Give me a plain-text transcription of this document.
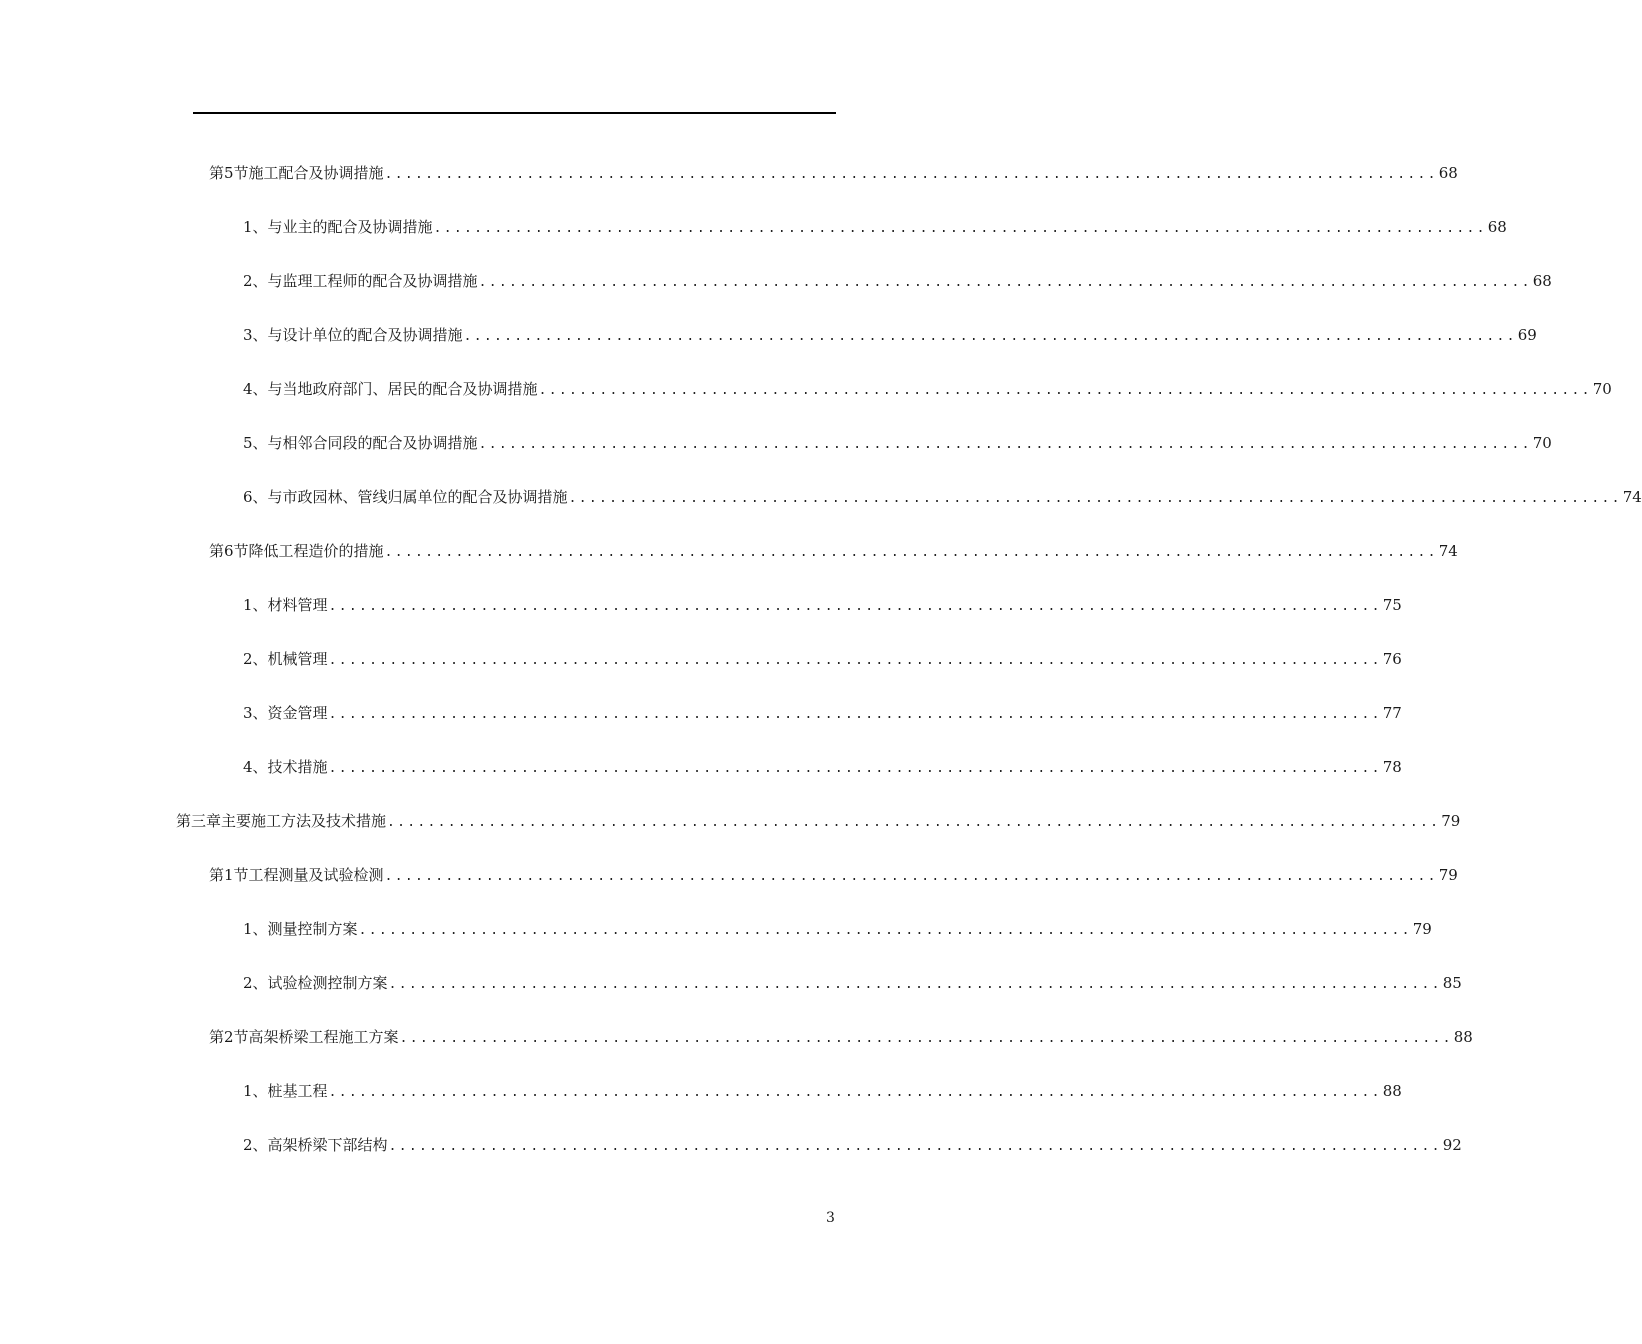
第5节 施工配合及协调措施 ........................................................................................................ 68
1、 与业主的配合及协调措施 ........................................................................................................ 68
2、 与监理工程师的配合及协调措施 ........................................................................................................ 68
3、 与设计单位的配合及协调措施 ........................................................................................................ 69
4、 与当地政府部门、居民的配合及协调措施 ........................................................................................................ 70
5、 与相邻合同段的配合及协调措施 ........................................................................................................ 70
6、 与市政园林、管线归属单位的配合及协调措施 ........................................................................................................ 74
第6节 降低工程造价的措施 ........................................................................................................ 74
1、 材料管理 ........................................................................................................ 75
2、 机械管理 ........................................................................................................ 76
3、 资金管理 ........................................................................................................ 77
4、 技术措施 ........................................................................................................ 78
第三章 主要施工方法及技术措施 ........................................................................................................ 79
第1节 工程测量及试验检测 ........................................................................................................ 79
1、 测量控制方案 ........................................................................................................ 79
2、 试验检测控制方案 ........................................................................................................ 85
第2节 高架桥梁工程施工方案 ........................................................................................................ 88
1、 桩基工程 ........................................................................................................ 88
2、 高架桥梁下部结构 ........................................................................................................ 92
3
